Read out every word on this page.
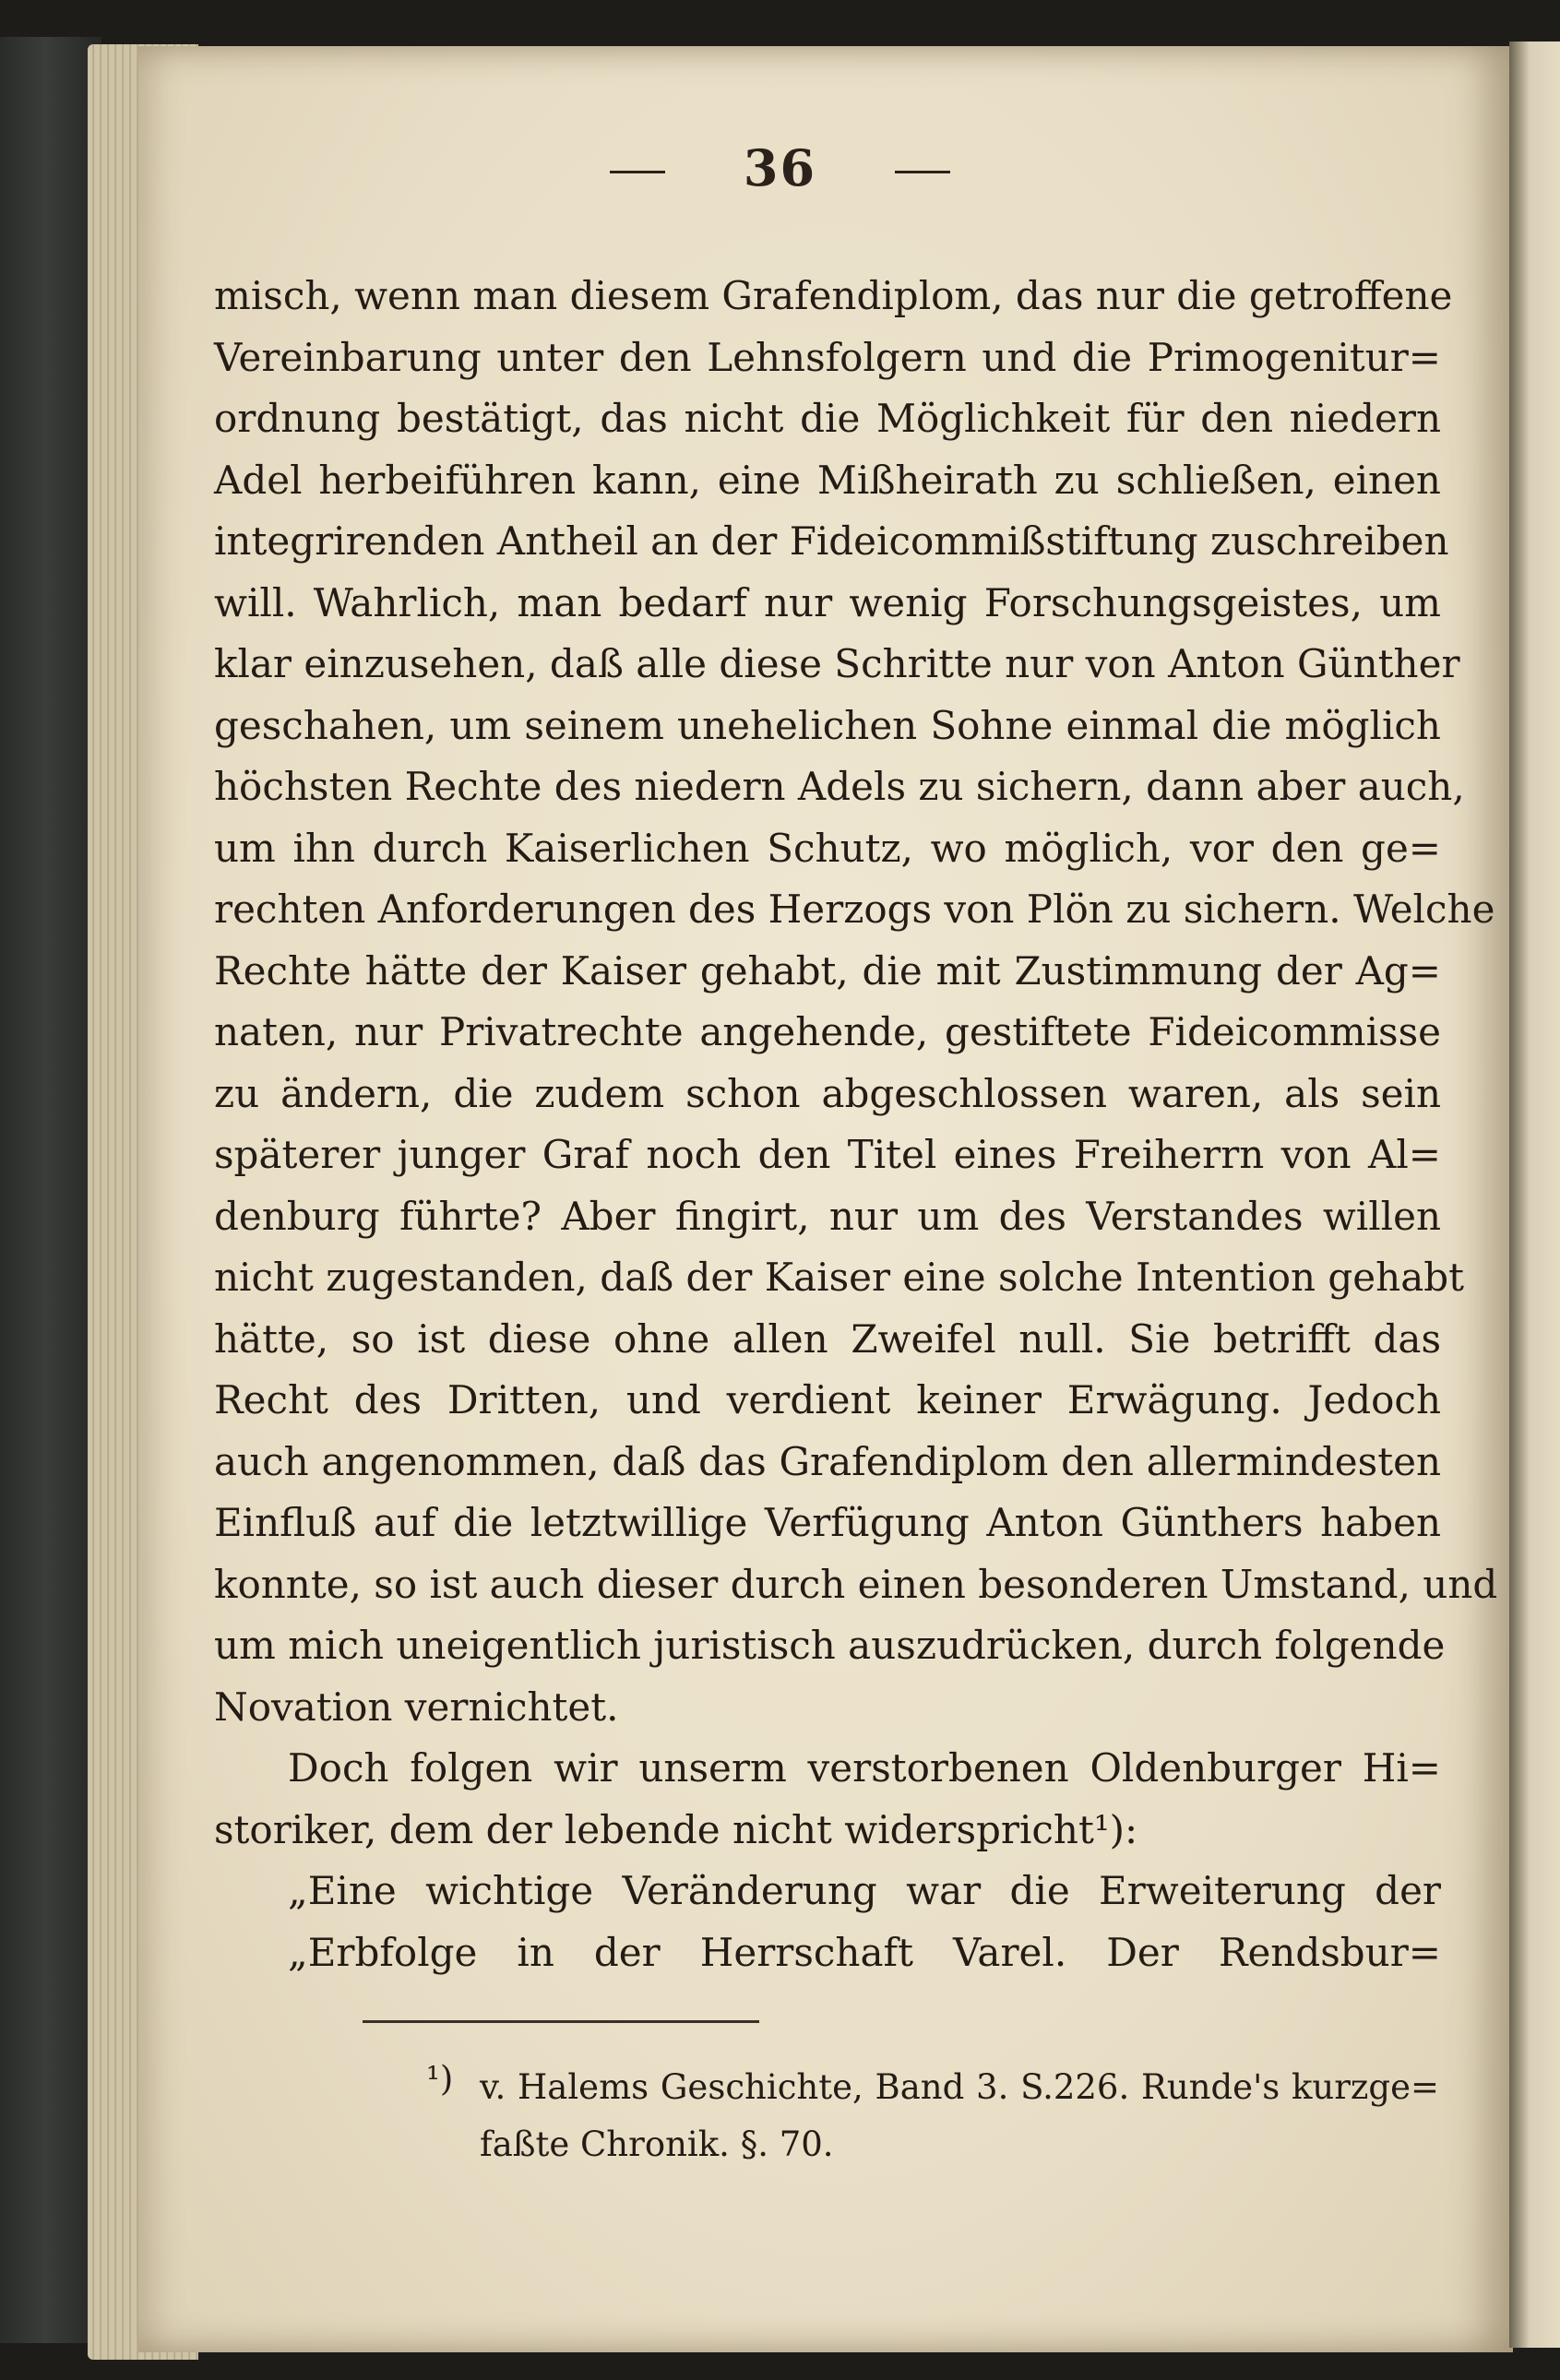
36
misch, wenn man diesem Grafendiplom, das nur die getroffene
Vereinbarung unter den Lehnsfolgern und die Primogenitur=
ordnung bestätigt, das nicht die Möglichkeit für den niedern
Adel herbeiführen kann, eine Mißheirath zu schließen, einen
integrirenden Antheil an der Fideicommißstiftung zuschreiben
will. Wahrlich, man bedarf nur wenig Forschungsgeistes, um
klar einzusehen, daß alle diese Schritte nur von Anton Günther
geschahen, um seinem unehelichen Sohne einmal die möglich
höchsten Rechte des niedern Adels zu sichern, dann aber auch,
um ihn durch Kaiserlichen Schutz, wo möglich, vor den ge=
rechten Anforderungen des Herzogs von Plön zu sichern. Welche
Rechte hätte der Kaiser gehabt, die mit Zustimmung der Ag=
naten, nur Privatrechte angehende, gestiftete Fideicommisse
zu ändern, die zudem schon abgeschlossen waren, als sein
späterer junger Graf noch den Titel eines Freiherrn von Al=
denburg führte? Aber fingirt, nur um des Verstandes willen
nicht zugestanden, daß der Kaiser eine solche Intention gehabt
hätte, so ist diese ohne allen Zweifel null. Sie betrifft das
Recht des Dritten, und verdient keiner Erwägung. Jedoch
auch angenommen, daß das Grafendiplom den allermindesten
Einfluß auf die letztwillige Verfügung Anton Günthers haben
konnte, so ist auch dieser durch einen besonderen Umstand, und
um mich uneigentlich juristisch auszudrücken, durch folgende
Novation vernichtet.
Doch folgen wir unserm verstorbenen Oldenburger Hi=
storiker, dem der lebende nicht widerspricht¹):
„Eine wichtige Veränderung war die Erweiterung der
„Erbfolge in der Herrschaft Varel. Der Rendsbur=
¹) v. Halems Geschichte, Band 3. S.226. Runde's kurzge=
faßte Chronik. §. 70.
